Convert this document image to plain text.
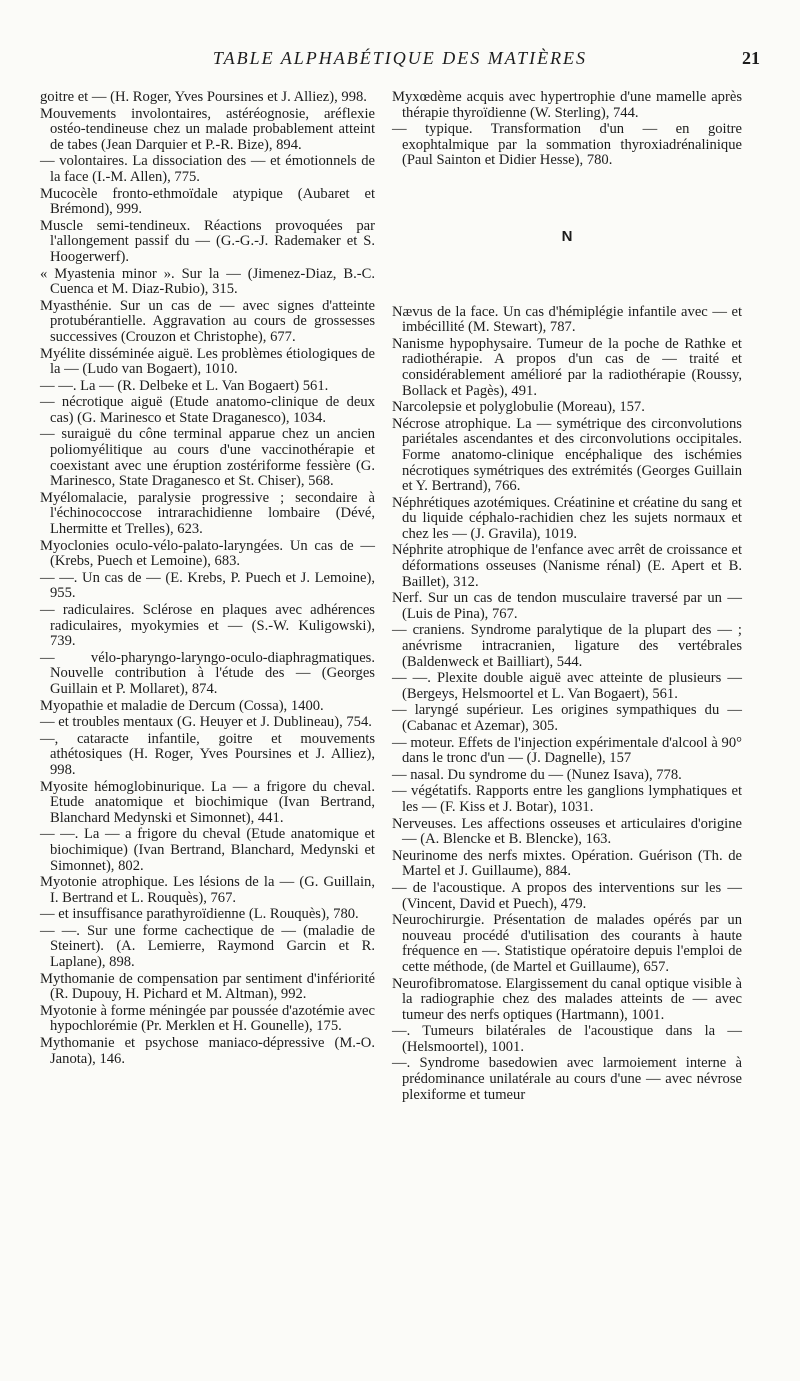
TABLE ALPHABÉTIQUE DES MATIÈRES	21

goitre et — (H. Roger, Yves Poursines et J. Alliez), 998.

Mouvements involontaires, astéréognosie, aréflexie ostéo-tendineuse chez un malade probablement atteint de tabes (Jean Darquier et P.-R. Bize), 894.

— volontaires. La dissociation des — et émotionnels de la face (I.-M. Allen), 775.

Mucocèle fronto-ethmoïdale atypique (Aubaret et Brémond), 999.

Muscle semi-tendineux. Réactions provoquées par l'allongement passif du — (G.-G.-J. Rademaker et S. Hoogerwerf).

« Myastenia minor ». Sur la — (Jimenez-Diaz, B.-C. Cuenca et M. Diaz-Rubio), 315.

Myasthénie. Sur un cas de — avec signes d'atteinte protubérantielle. Aggravation au cours de grossesses successives (Crouzon et Christophe), 677.

Myélite disséminée aiguë. Les problèmes étiologiques de la — (Ludo van Bogaert), 1010.

— —. La — (R. Delbeke et L. Van Bogaert) 561.

— nécrotique aiguë (Etude anatomo-clinique de deux cas) (G. Marinesco et State Draganesco), 1034.

— suraiguë du cône terminal apparue chez un ancien poliomyélitique au cours d'une vaccinothérapie et coexistant avec une éruption zostériforme fessière (G. Marinesco, State Draganesco et St. Chiser), 568.

Myélomalacie, paralysie progressive ; secondaire à l'échinococcose intrarachidienne lombaire (Dévé, Lhermitte et Trelles), 623.

Myoclonies oculo-vélo-palato-laryngées. Un cas de — (Krebs, Puech et Lemoine), 683.

— —. Un cas de — (E. Krebs, P. Puech et J. Lemoine), 955.

— radiculaires. Sclérose en plaques avec adhérences radiculaires, myokymies et — (S.-W. Kuligowski), 739.

— vélo-pharyngo-laryngo-oculo-diaphragmatiques. Nouvelle contribution à l'étude des — (Georges Guillain et P. Mollaret), 874.

Myopathie et maladie de Dercum (Cossa), 1400.

— et troubles mentaux (G. Heuyer et J. Dublineau), 754.

—, cataracte infantile, goitre et mouvements athétosiques (H. Roger, Yves Poursines et J. Alliez), 998.

Myosite hémoglobinurique. La — a frigore du cheval. Etude anatomique et biochimique (Ivan Bertrand, Blanchard Medynski et Simonnet), 441.

— —. La — a frigore du cheval (Etude anatomique et biochimique) (Ivan Bertrand, Blanchard, Medynski et Simonnet), 802.

Myotonie atrophique. Les lésions de la — (G. Guillain, I. Bertrand et L. Rouquès), 767.

— et insuffisance parathyroïdienne (L. Rouquès), 780.

— —. Sur une forme cachectique de — (maladie de Steinert). (A. Lemierre, Raymond Garcin et R. Laplane), 898.

Mythomanie de compensation par sentiment d'infériorité (R. Dupouy, H. Pichard et M. Altman), 992.

Myotonie à forme méningée par poussée d'azotémie avec hypochlorémie (Pr. Merklen et H. Gounelle), 175.

Mythomanie et psychose maniaco-dépressive (M.-O. Janota), 146.

Myxœdème acquis avec hypertrophie d'une mamelle après thérapie thyroïdienne (W. Sterling), 744.

— typique. Transformation d'un — en goitre exophtalmique par la sommation thyroxiadrénalinique (Paul Sainton et Didier Hesse), 780.

N

Nævus de la face. Un cas d'hémiplégie infantile avec — et imbécillité (M. Stewart), 787.

Nanisme hypophysaire. Tumeur de la poche de Rathke et radiothérapie. A propos d'un cas de — traité et considérablement amélioré par la radiothérapie (Roussy, Bollack et Pagès), 491.

Narcolepsie et polyglobulie (Moreau), 157.

Nécrose atrophique. La — symétrique des circonvolutions pariétales ascendantes et des circonvolutions occipitales. Forme anatomo-clinique encéphalique des ischémies nécrotiques symétriques des extrémités (Georges Guillain et Y. Bertrand), 766.

Néphrétiques azotémiques. Créatinine et créatine du sang et du liquide céphalo-rachidien chez les sujets normaux et chez les — (J. Gravila), 1019.

Néphrite atrophique de l'enfance avec arrêt de croissance et déformations osseuses (Nanisme rénal) (E. Apert et B. Baillet), 312.

Nerf. Sur un cas de tendon musculaire traversé par un — (Luis de Pina), 767.

— craniens. Syndrome paralytique de la plupart des — ; anévrisme intracranien, ligature des vertébrales (Baldenweck et Bailliart), 544.

— —. Plexite double aiguë avec atteinte de plusieurs — (Bergeys, Helsmoortel et L. Van Bogaert), 561.

— laryngé supérieur. Les origines sympathiques du — (Cabanac et Azemar), 305.

— moteur. Effets de l'injection expérimentale d'alcool à 90° dans le tronc d'un — (J. Dagnelle), 157

— nasal. Du syndrome du — (Nunez Isava), 778.

— végétatifs. Rapports entre les ganglions lymphatiques et les — (F. Kiss et J. Botar), 1031.

Nerveuses. Les affections osseuses et articulaires d'origine — (A. Blencke et B. Blencke), 163.

Neurinome des nerfs mixtes. Opération. Guérison (Th. de Martel et J. Guillaume), 884.

— de l'acoustique. A propos des interventions sur les — (Vincent, David et Puech), 479.

Neurochirurgie. Présentation de malades opérés par un nouveau procédé d'utilisation des courants à haute fréquence en —. Statistique opératoire depuis l'emploi de cette méthode, (de Martel et Guillaume), 657.

Neurofibromatose. Elargissement du canal optique visible à la radiographie chez des malades atteints de — avec tumeur des nerfs optiques (Hartmann), 1001.

—. Tumeurs bilatérales de l'acoustique dans la — (Helsmoortel), 1001.

—. Syndrome basedowien avec larmoiement interne à prédominance unilatérale au cours d'une — avec névrose plexiforme et tumeur
